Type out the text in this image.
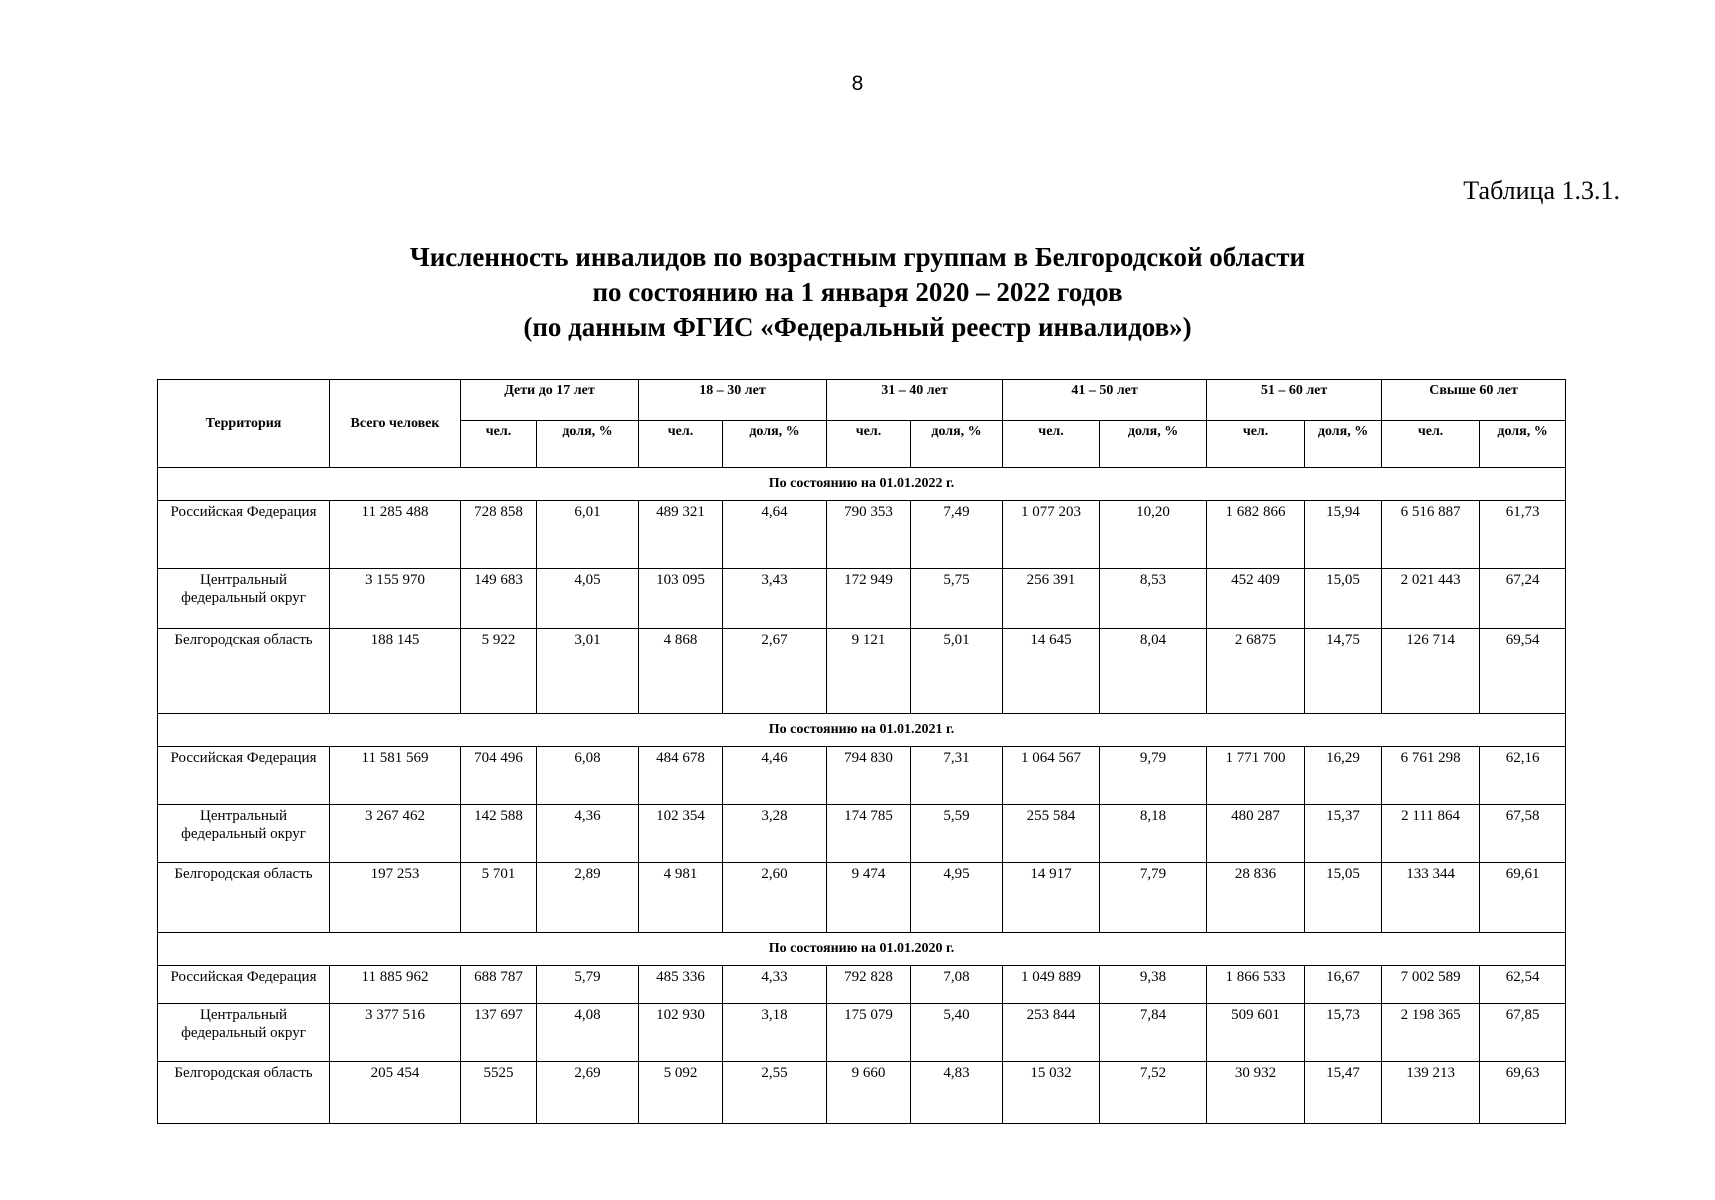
8
Таблица 1.3.1.
Численность инвалидов по возрастным группам в Белгородской области
по состоянию на 1 января 2020 – 2022 годов
(по данным ФГИС «Федеральный реестр инвалидов»)
Территория	Всего человек	Дети до 17 лет		18 – 30 лет		31 – 40 лет		41 – 50 лет		51 – 60 лет		Свыше 60 лет	
		чел.	доля, %	чел.	доля, %	чел.	доля, %	чел.	доля, %	чел.	доля, %	чел.	доля, %
По состоянию на 01.01.2022 г.													
Российская Федерация	11 285 488	728 858	6,01	489 321	4,64	790 353	7,49	1 077 203	10,20	1 682 866	15,94	6 516 887	61,73
Центральный федеральный округ	3 155 970	149 683	4,05	103 095	3,43	172 949	5,75	256 391	8,53	452 409	15,05	2 021 443	67,24
Белгородская область	188 145	5 922	3,01	4 868	2,67	9 121	5,01	14 645	8,04	2 6875	14,75	126 714	69,54
По состоянию на 01.01.2021 г.													
Российская Федерация	11 581 569	704 496	6,08	484 678	4,46	794 830	7,31	1 064 567	9,79	1 771 700	16,29	6 761 298	62,16
Центральный федеральный округ	3 267 462	142 588	4,36	102 354	3,28	174 785	5,59	255 584	8,18	480 287	15,37	2 111 864	67,58
Белгородская область	197 253	5 701	2,89	4 981	2,60	9 474	4,95	14 917	7,79	28 836	15,05	133 344	69,61
По состоянию на 01.01.2020 г.													
Российская Федерация	11 885 962	688 787	5,79	485 336	4,33	792 828	7,08	1 049 889	9,38	1 866 533	16,67	7 002 589	62,54
Центральный федеральный округ	3 377 516	137 697	4,08	102 930	3,18	175 079	5,40	253 844	7,84	509 601	15,73	2 198 365	67,85
Белгородская область	205 454	5525	2,69	5 092	2,55	9 660	4,83	15 032	7,52	30 932	15,47	139 213	69,63
